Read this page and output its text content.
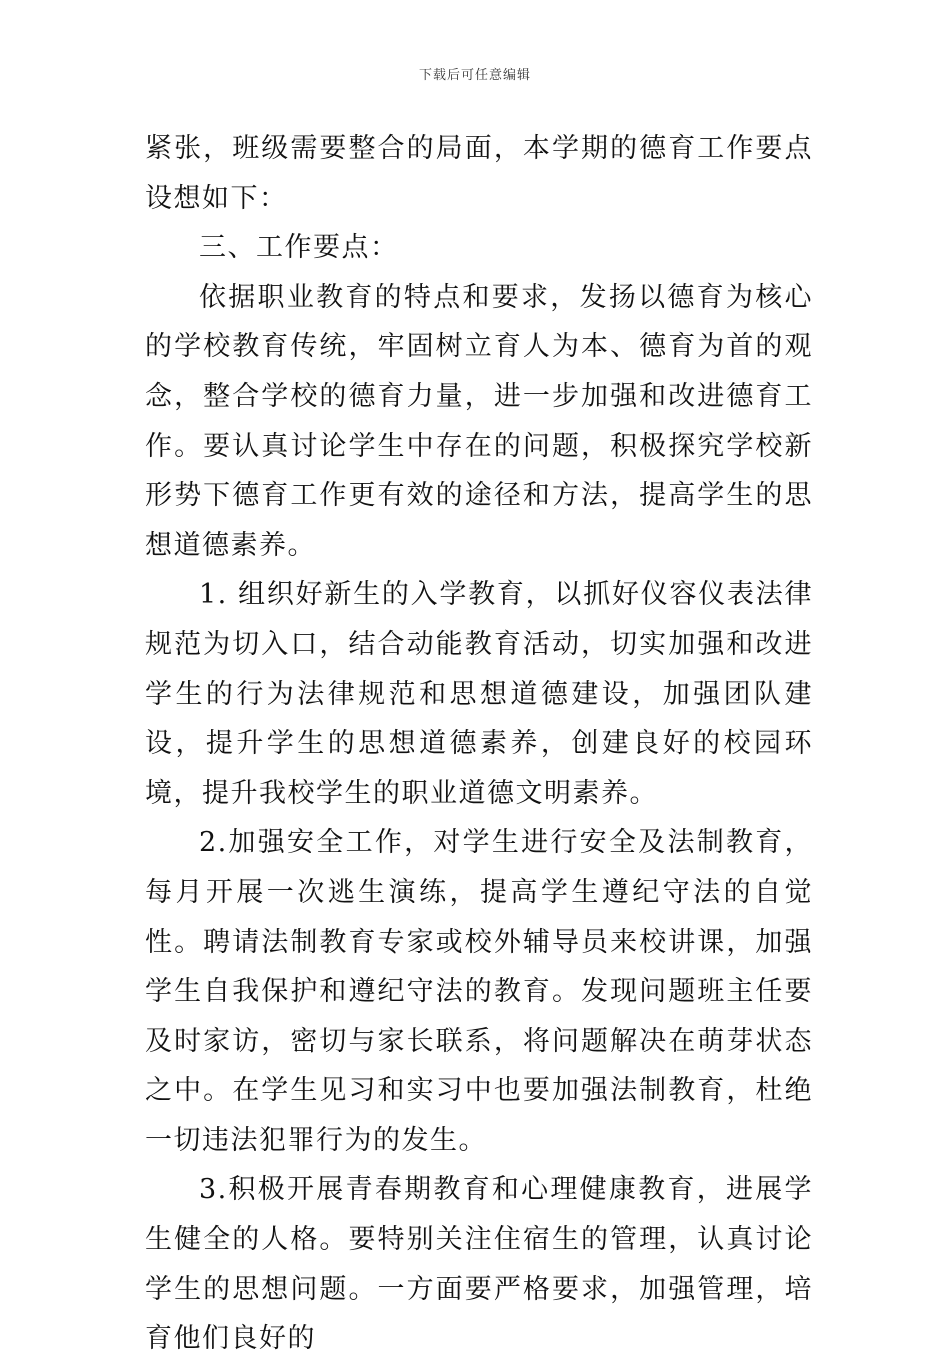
下载后可任意编辑

紧张，班级需要整合的局面，本学期的德育工作要点设想如下：

三、工作要点：

依据职业教育的特点和要求，发扬以德育为核心的学校教育传统，牢固树立育人为本、德育为首的观念，整合学校的德育力量，进一步加强和改进德育工作。要认真讨论学生中存在的问题，积极探究学校新形势下德育工作更有效的途径和方法，提高学生的思想道德素养。

1. 组织好新生的入学教育，以抓好仪容仪表法律规范为切入口，结合动能教育活动，切实加强和改进学生的行为法律规范和思想道德建设，加强团队建设，提升学生的思想道德素养，创建良好的校园环境，提升我校学生的职业道德文明素养。

2.加强安全工作，对学生进行安全及法制教育，每月开展一次逃生演练，提高学生遵纪守法的自觉性。聘请法制教育专家或校外辅导员来校讲课，加强学生自我保护和遵纪守法的教育。发现问题班主任要及时家访，密切与家长联系，将问题解决在萌芽状态之中。在学生见习和实习中也要加强法制教育，杜绝一切违法犯罪行为的发生。

3.积极开展青春期教育和心理健康教育，进展学生健全的人格。要特别关注住宿生的管理，认真讨论学生的思想问题。一方面要严格要求，加强管理，培育他们良好的
